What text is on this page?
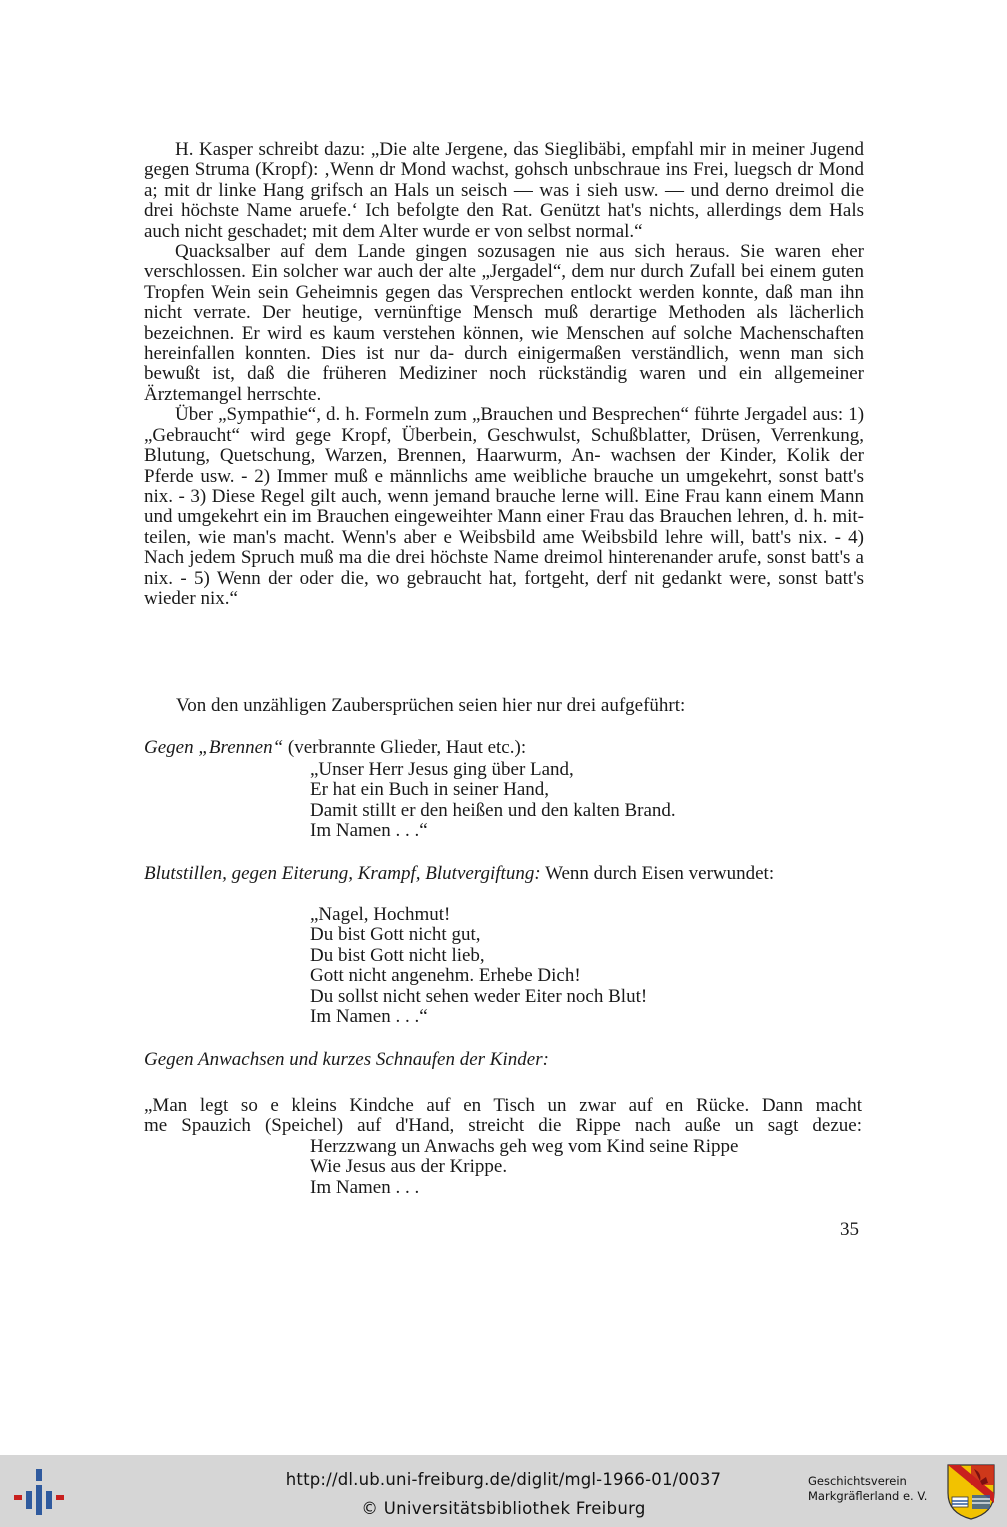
H. Kasper schreibt dazu: „Die alte Jergene, das Sieglibäbi, empfahl mir in meiner Jugend gegen Struma (Kropf): ‚Wenn dr Mond wachst, gohsch unbschraue ins Frei, luegsch dr Mond a; mit dr linke Hang grifsch an Hals un seisch — was i sieh usw. — und derno dreimol die drei höchste Name aruefe.‘ Ich befolgte den Rat. Genützt hat's nichts, allerdings dem Hals auch nicht geschadet; mit dem Alter wurde er von selbst normal.“

Quacksalber auf dem Lande gingen sozusagen nie aus sich heraus. Sie waren eher verschlossen. Ein solcher war auch der alte „Jergadel“, dem nur durch Zufall bei einem guten Tropfen Wein sein Geheimnis gegen das Versprechen entlockt werden konnte, daß man ihn nicht verrate. Der heutige, vernünftige Mensch muß derartige Methoden als lächerlich bezeichnen. Er wird es kaum verstehen können, wie Menschen auf solche Machenschaften hereinfallen konnten. Dies ist nur da- durch einigermaßen verständlich, wenn man sich bewußt ist, daß die früheren Mediziner noch rückständig waren und ein allgemeiner Ärztemangel herrschte.

Über „Sympathie“, d. h. Formeln zum „Brauchen und Besprechen“ führte Jergadel aus: 1) „Gebraucht“ wird gege Kropf, Überbein, Geschwulst, Schußblatter, Drüsen, Verrenkung, Blutung, Quetschung, Warzen, Brennen, Haarwurm, An- wachsen der Kinder, Kolik der Pferde usw. - 2) Immer muß e männlichs ame weibliche brauche un umgekehrt, sonst batt's nix. - 3) Diese Regel gilt auch, wenn jemand brauche lerne will. Eine Frau kann einem Mann und umgekehrt ein im Brauchen eingeweihter Mann einer Frau das Brauchen lehren, d. h. mit- teilen, wie man's macht. Wenn's aber e Weibsbild ame Weibsbild lehre will, batt's nix. - 4) Nach jedem Spruch muß ma die drei höchste Name dreimol hinterenander arufe, sonst batt's a nix. - 5) Wenn der oder die, wo gebraucht hat, fortgeht, derf nit gedankt were, sonst batt's wieder nix.“

Von den unzähligen Zaubersprüchen seien hier nur drei aufgeführt:
Gegen „Brennen“ (verbrannte Glieder, Haut etc.):
„Unser Herr Jesus ging über Land,
Er hat ein Buch in seiner Hand,
Damit stillt er den heißen und den kalten Brand.
Im Namen . . .“
Blutstillen, gegen Eiterung, Krampf, Blutvergiftung: Wenn durch Eisen verwundet:
„Nagel, Hochmut!
Du bist Gott nicht gut,
Du bist Gott nicht lieb,
Gott nicht angenehm. Erhebe Dich!
Du sollst nicht sehen weder Eiter noch Blut!
Im Namen . . .“
Gegen Anwachsen und kurzes Schnaufen der Kinder:
„Man legt so e kleins Kindche auf en Tisch un zwar auf en Rücke. Dann macht
me Spauzich (Speichel) auf d'Hand, streicht die Rippe nach auße un sagt dezue:
Herzzwang un Anwachs geh weg vom Kind seine Rippe
Wie Jesus aus der Krippe.
Im Namen . . .
35
http://dl.ub.uni-freiburg.de/diglit/mgl-1966-01/0037
© Universitätsbibliothek Freiburg
Geschichtsverein
Markgräflerland e. V.
